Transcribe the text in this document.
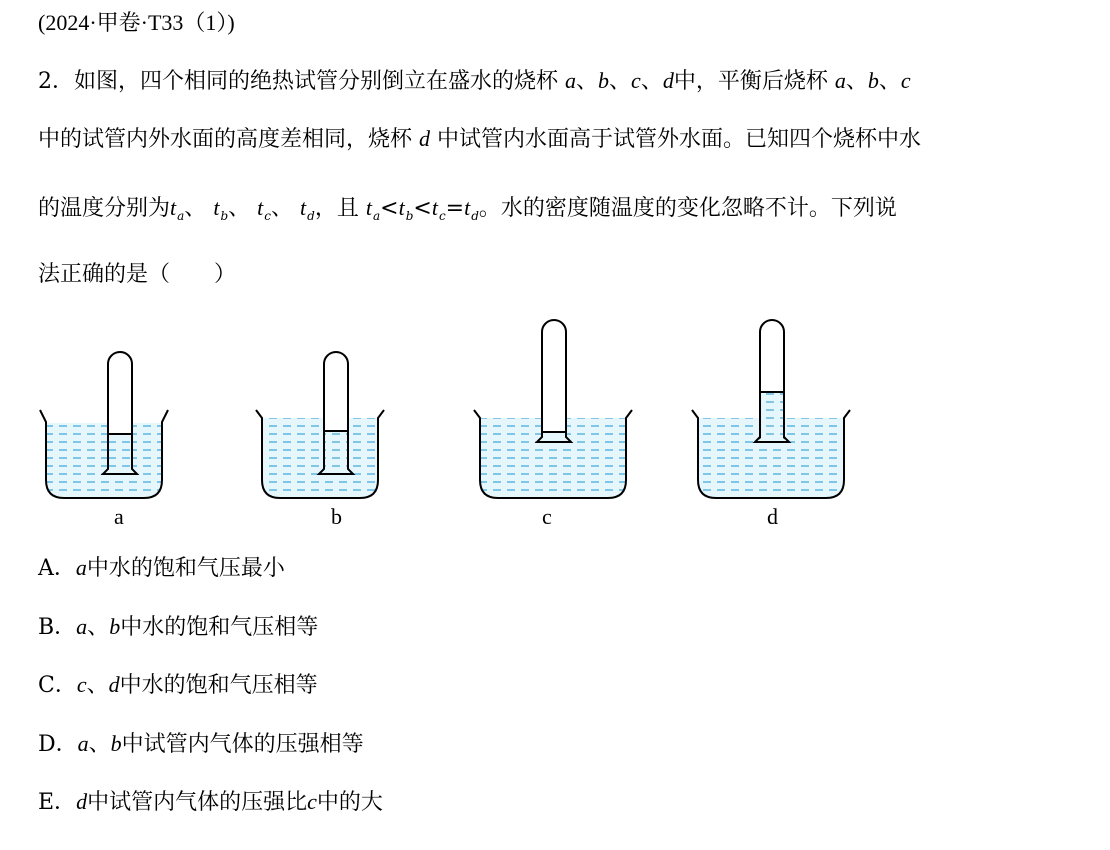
(2024·甲卷·T33（1）)
2．如图，四个相同的绝热试管分别倒立在盛水的烧杯 a、b、c、d中，平衡后烧杯 a、b、c
中的试管内外水面的高度差相同，烧杯 d 中试管内水面高于试管外水面。已知四个烧杯中水
的温度分别为$t_a$、 $t_b$、 $t_c$、 $t_d$，且 $t_a<t_b<t_c=t_d$。水的密度随温度的变化忽略不计。下列说
法正确的是（　　）
a	b	c	d
A．a中水的饱和气压最小
B．a、b中水的饱和气压相等
C．c、d中水的饱和气压相等
D．a、b中试管内气体的压强相等
E．d中试管内气体的压强比c中的大
